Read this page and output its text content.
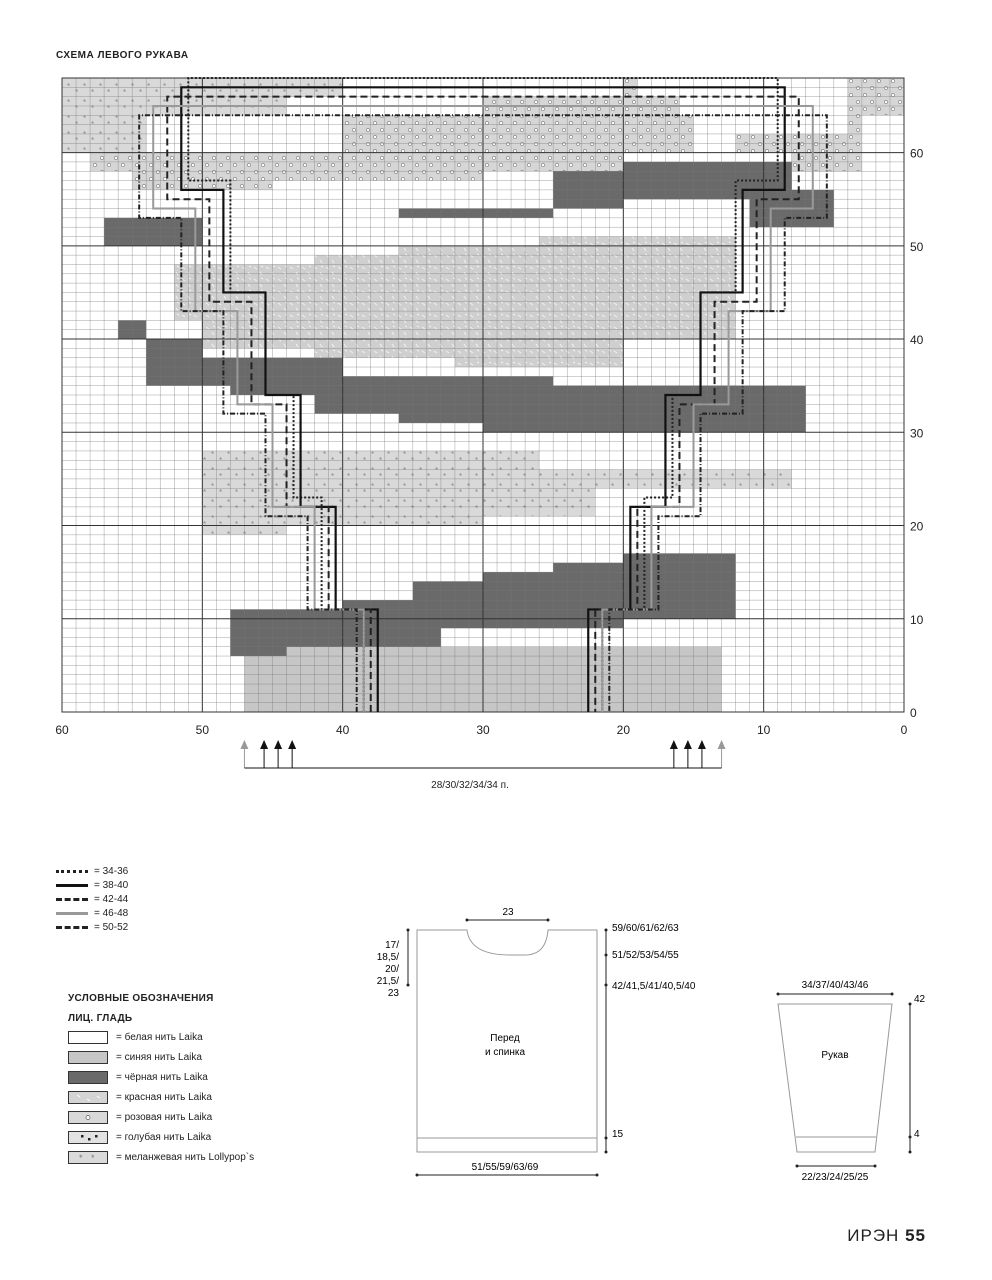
СХЕМА ЛЕВОГО РУКАВА
60	50	40	30	20	10	0
60
50
40
30
20
10
0
28/30/32/34/34 п.
= 34-36
= 38-40
= 42-44
= 46-48
= 50-52
УСЛОВНЫЕ ОБОЗНАЧЕНИЯ
ЛИЦ. ГЛАДЬ
= белая нить Laika
= синяя нить Laika
= чёрная нить Laika
= красная нить Laika
= розовая нить Laika
= голубая нить Laika
* * = меланжевая нить Lollypop`s
23
59/60/61/62/63
51/52/53/54/55
42/41,5/41/40,5/40
15
Перед
и спинка
51/55/59/63/69
17/
18,5/
20/
21,5/
23
34/37/40/43/46
42
4
Рукав
22/23/24/25/25
ИРЭН 55
